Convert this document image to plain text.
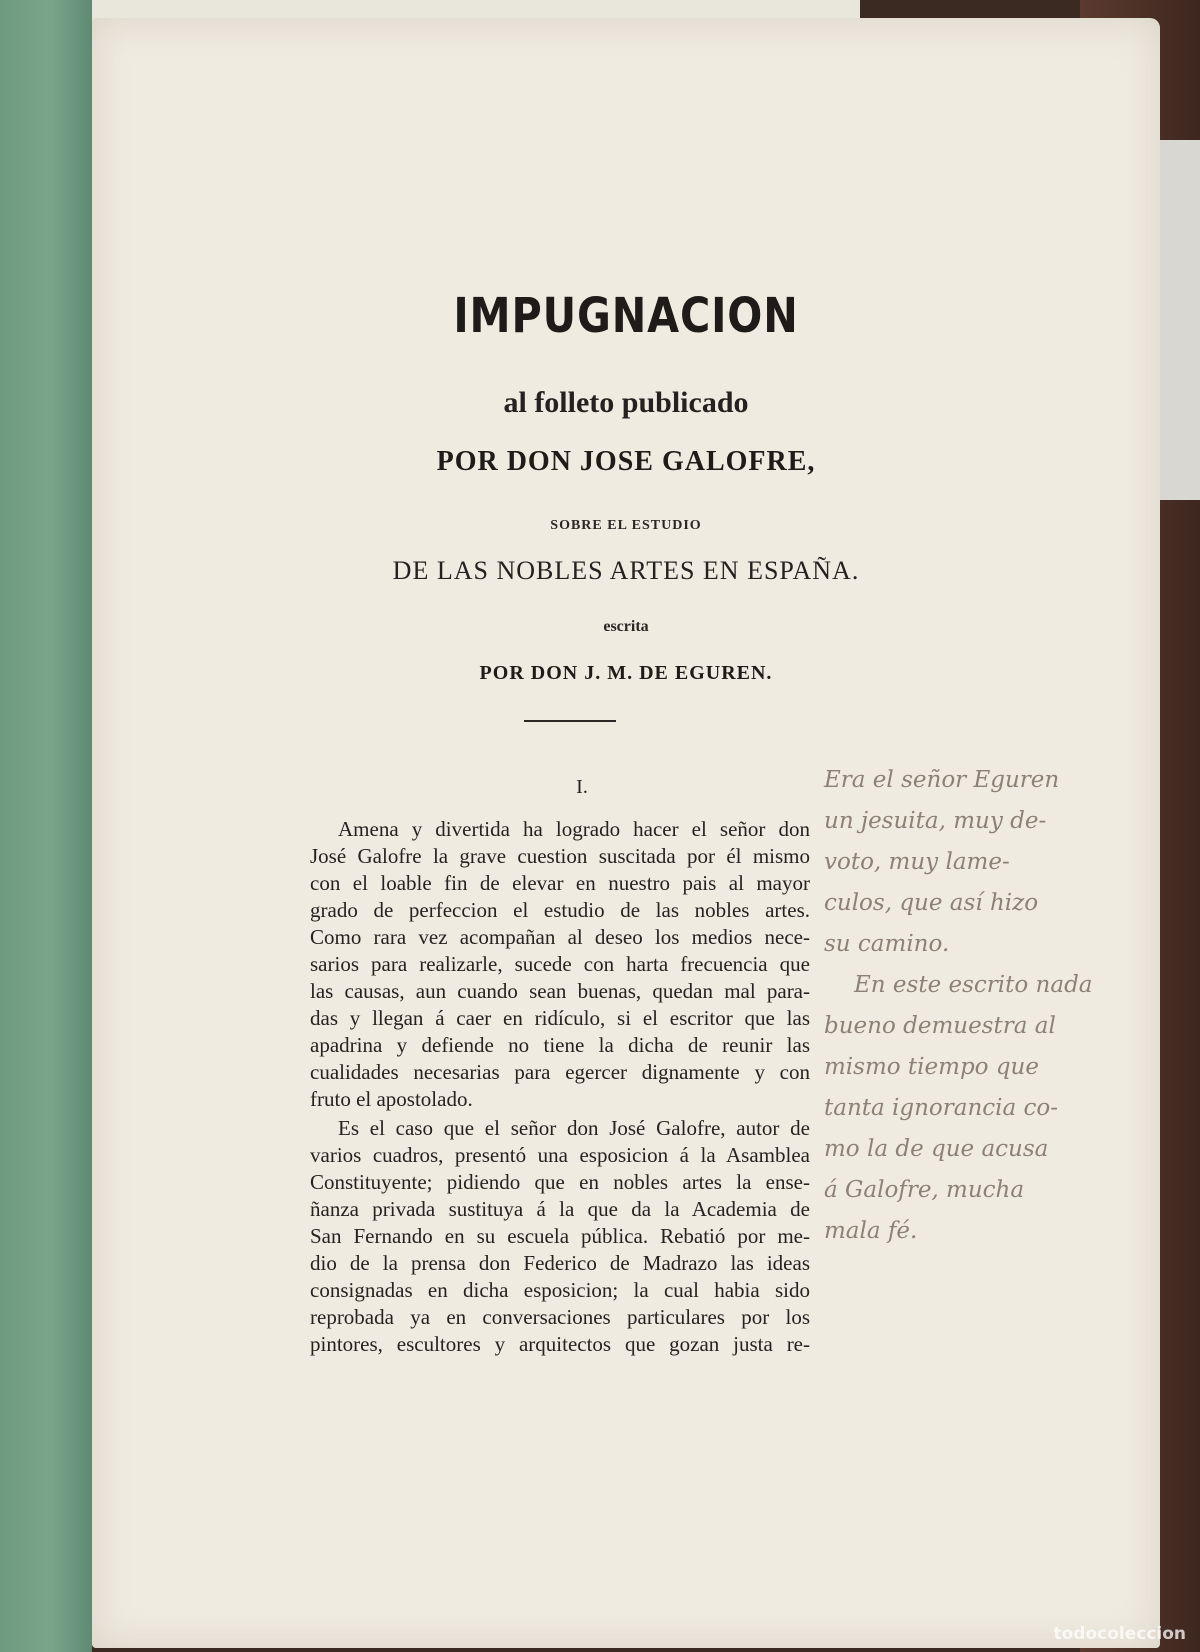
IMPUGNACION
al folleto publicado
POR DON JOSE GALOFRE,
SOBRE EL ESTUDIO
DE LAS NOBLES ARTES EN ESPAÑA.
escrita
POR DON J. M. DE EGUREN.
I.

Amena y divertida ha logrado hacer el señor don
José Galofre la grave cuestion suscitada por él mismo
con el loable fin de elevar en nuestro pais al mayor
grado de perfeccion el estudio de las nobles artes.
Como rara vez acompañan al deseo los medios nece-
sarios para realizarle, sucede con harta frecuencia que
las causas, aun cuando sean buenas, quedan mal para-
das y llegan á caer en ridículo, si el escritor que las
apadrina y defiende no tiene la dicha de reunir las
cualidades necesarias para egercer dignamente y con
fruto el apostolado.

Es el caso que el señor don José Galofre, autor de
varios cuadros, presentó una esposicion á la Asamblea
Constituyente; pidiendo que en nobles artes la ense-
ñanza privada sustituya á la que da la Academia de
San Fernando en su escuela pública. Rebatió por me-
dio de la prensa don Federico de Madrazo las ideas
consignadas en dicha esposicion; la cual habia sido
reprobada ya en conversaciones particulares por los
pintores, escultores y arquitectos que gozan justa re-

Era el señor Eguren
un jesuita, muy de-
voto, muy lame-
culos, que así hizo
su camino.
En este escrito nada
bueno demuestra al
mismo tiempo que
tanta ignorancia co-
mo la de que acusa
á Galofre, mucha
mala fé.
todocoleccion
